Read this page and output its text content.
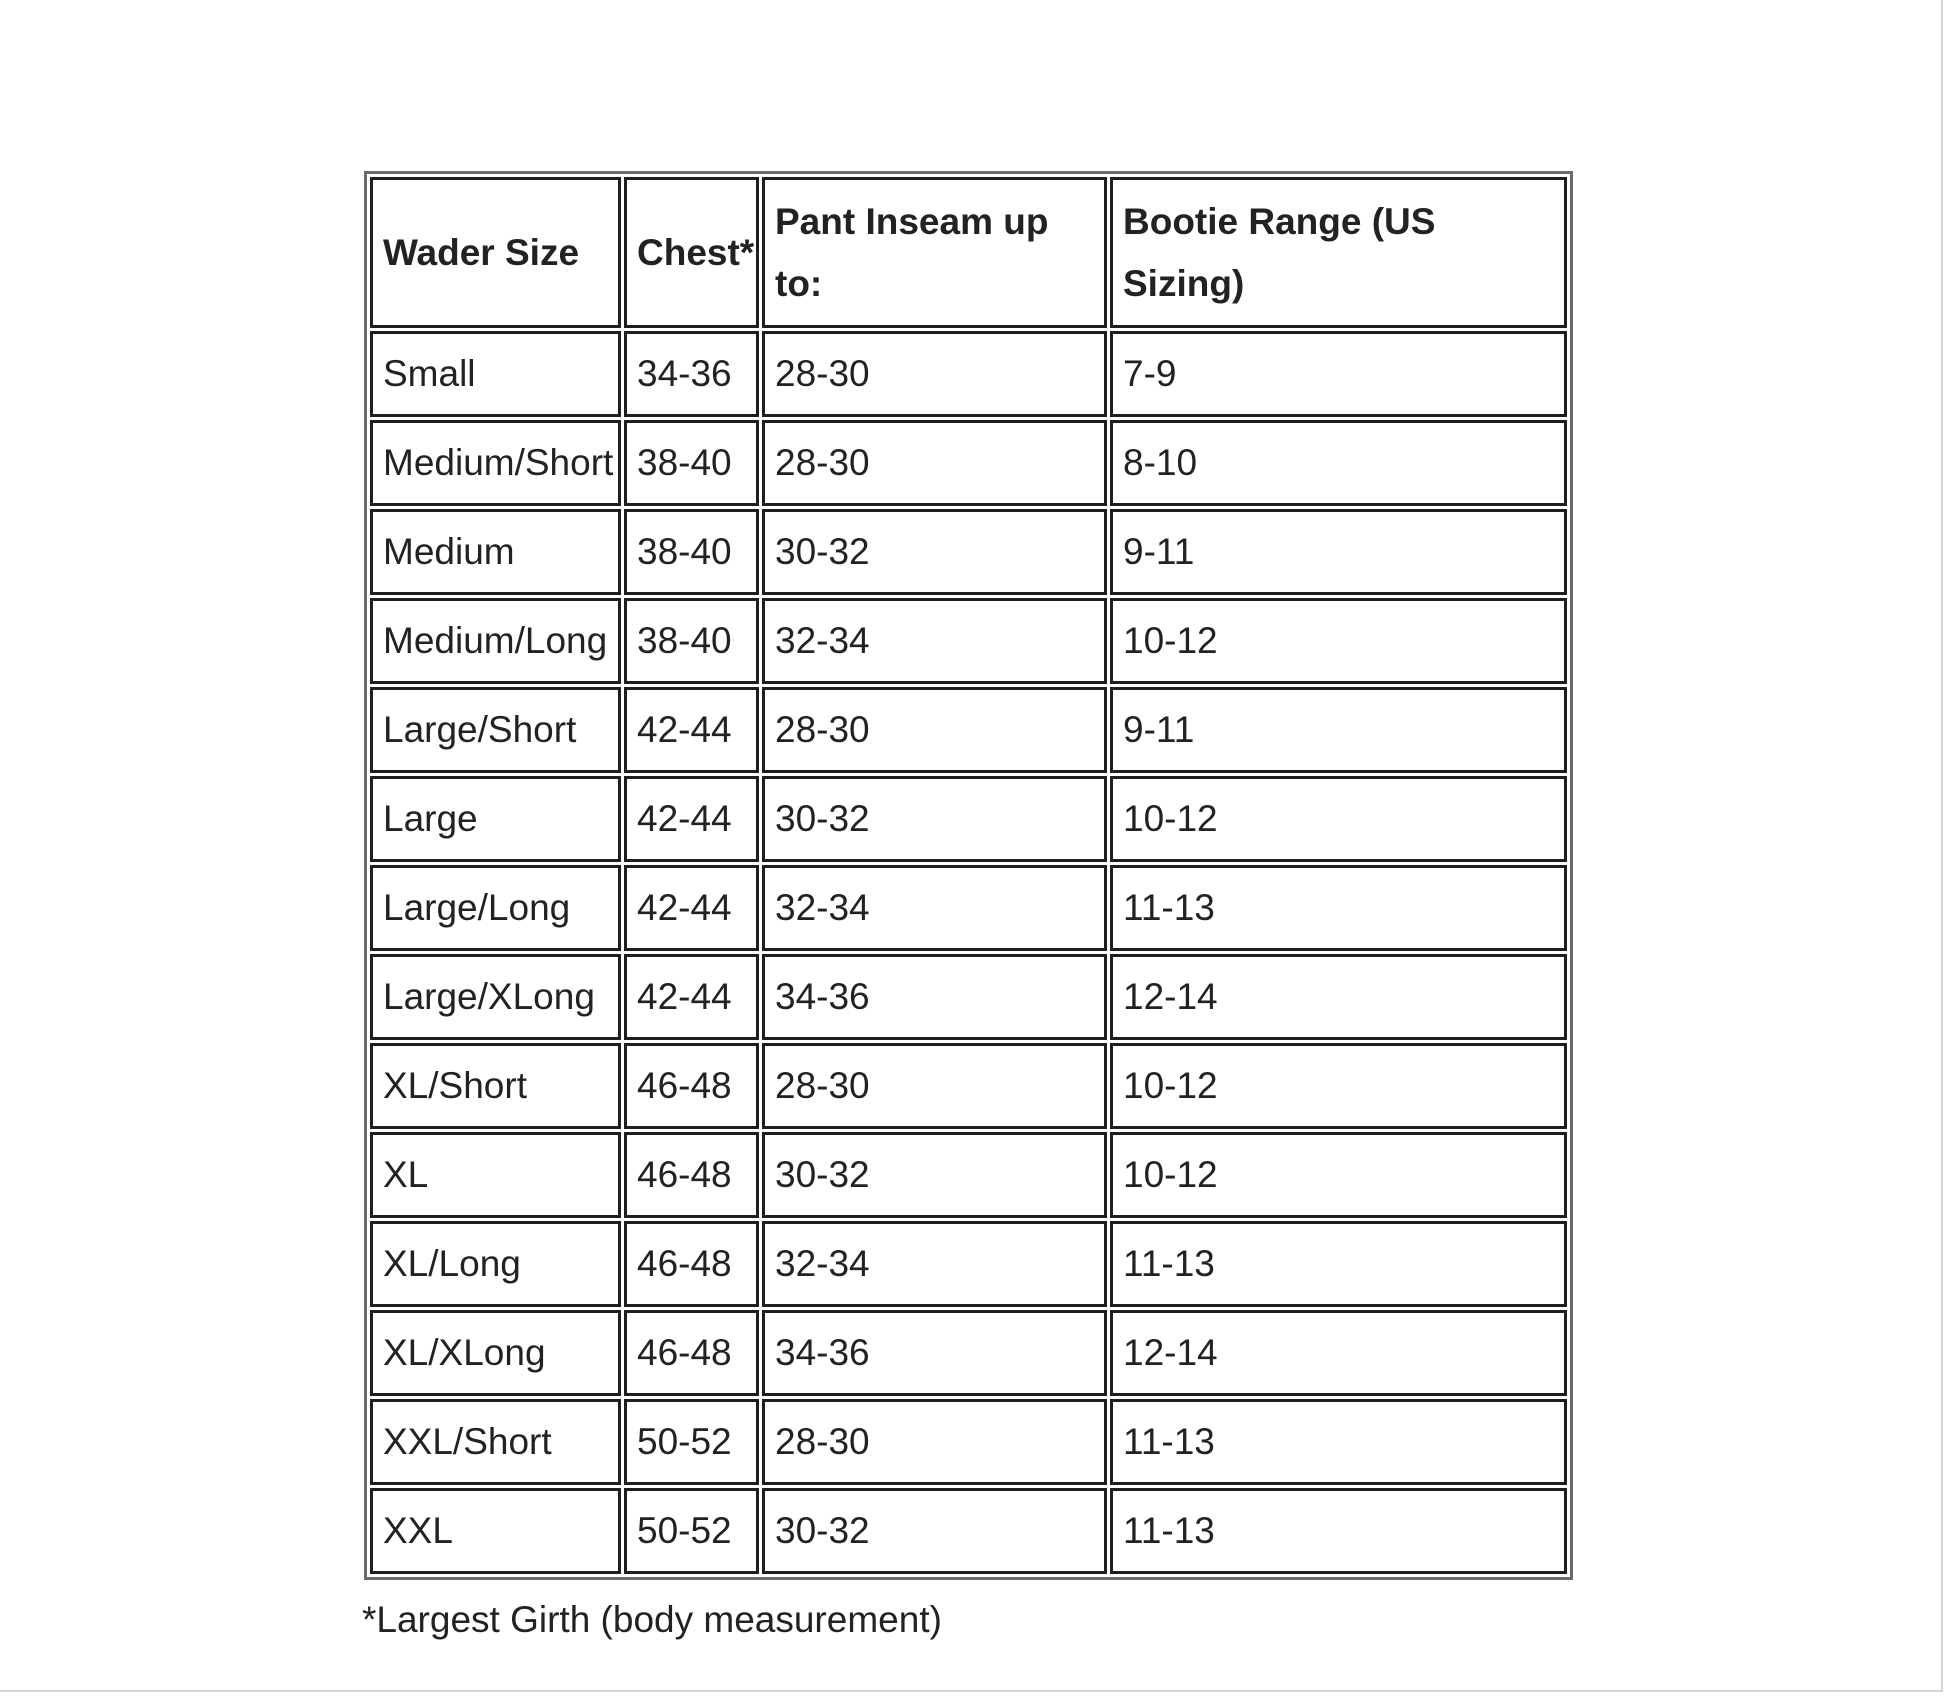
Wader Size	Chest*	Pant Inseam up to:	Bootie Range (US Sizing)
Small	34-36	28-30	7-9
Medium/Short	38-40	28-30	8-10
Medium	38-40	30-32	9-11
Medium/Long	38-40	32-34	10-12
Large/Short	42-44	28-30	9-11
Large	42-44	30-32	10-12
Large/Long	42-44	32-34	11-13
Large/XLong	42-44	34-36	12-14
XL/Short	46-48	28-30	10-12
XL	46-48	30-32	10-12
XL/Long	46-48	32-34	11-13
XL/XLong	46-48	34-36	12-14
XXL/Short	50-52	28-30	11-13
XXL	50-52	30-32	11-13

*Largest Girth (body measurement)
